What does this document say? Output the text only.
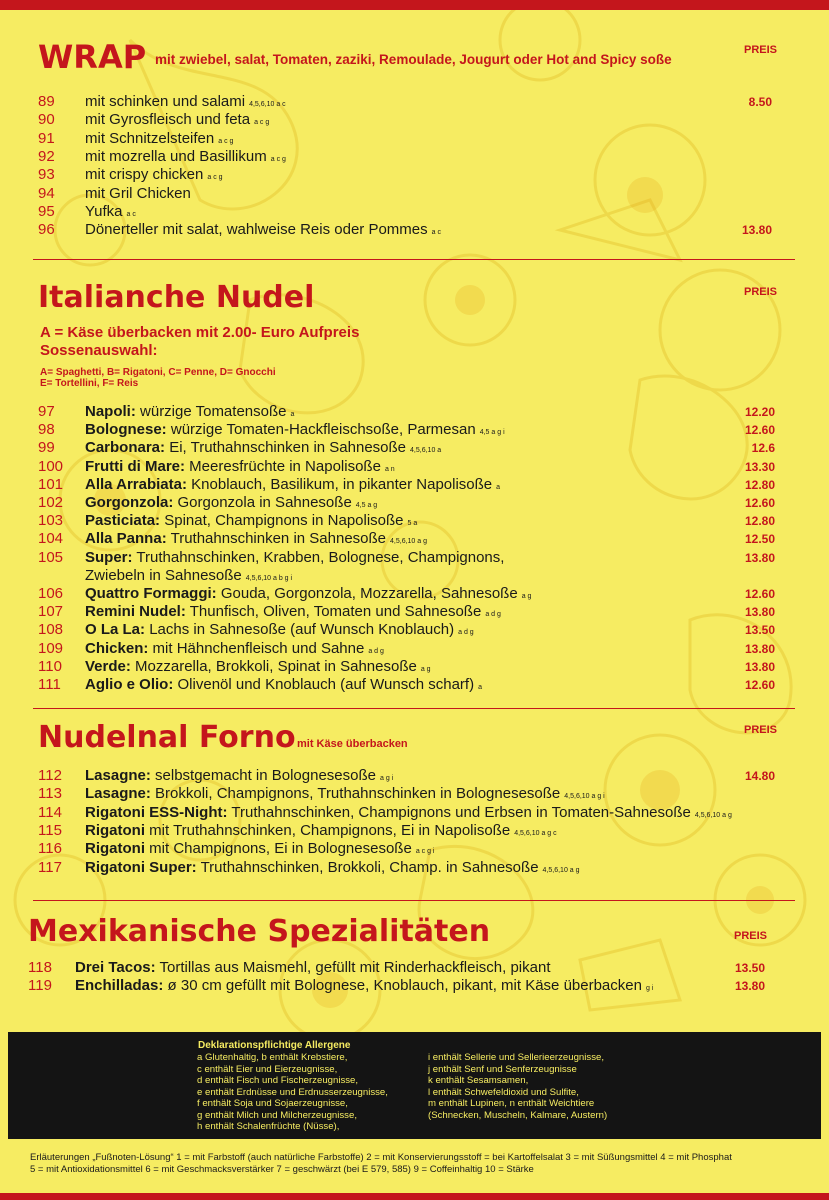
WRAP mit zwiebel, salat, Tomaten, zaziki, Remoulade, Jougurt oder Hot and Spicy soße
PREIS
89 mit schinken und salami 4,5,6,10 a c	8.50
90 mit Gyrosfleisch und feta a c g
91 mit Schnitzelsteifen a c g
92 mit mozrella und Basillikum a c g
93 mit crispy chicken a c g
94 mit Gril Chicken
95 Yufka a c
96 Dönerteller mit salat, wahlweise Reis oder Pommes a c	13.80
Italianche Nudel	PREIS
A = Käse überbacken mit 2.00- Euro Aufpreis
Sossenauswahl:
A= Spaghetti, B= Rigatoni, C= Penne, D= Gnocchi
E= Tortellini, F= Reis
97 Napoli: würzige Tomatensoße a	12.20
98 Bolognese: würzige Tomaten-Hackfleischsoße, Parmesan 4,5 a g i	12.60
99 Carbonara: Ei, Truthahnschinken in Sahnesoße 4,5,6,10 a	12.6
100 Frutti di Mare: Meeresfrüchte in Napolisoße a n	13.30
101 Alla Arrabiata: Knoblauch, Basilikum, in pikanter Napolisoße a	12.80
102 Gorgonzola: Gorgonzola in Sahnesoße 4,5 a g	12.60
103 Pasticiata: Spinat, Champignons in Napolisoße 5 a	12.80
104 Alla Panna: Truthahnschinken in Sahnesoße 4,5,6,10 a g	12.50
105 Super: Truthahnschinken, Krabben, Bolognese, Champignons,	13.80
Zwiebeln in Sahnesoße 4,5,6,10 a b g i
106 Quattro Formaggi: Gouda, Gorgonzola, Mozzarella, Sahnesoße a g	12.60
107 Remini Nudel: Thunfisch, Oliven, Tomaten und Sahnesoße a d g	13.80
108 O La La: Lachs in Sahnesoße (auf Wunsch Knoblauch) a d g	13.50
109 Chicken: mit Hähnchenfleisch und Sahne a d g	13.80
110 Verde: Mozzarella, Brokkoli, Spinat in Sahnesoße a g	13.80
111 Aglio e Olio: Olivenöl und Knoblauch (auf Wunsch scharf) a	12.60
Nudelnal Forno mit Käse überbacken
PREIS
112 Lasagne: selbstgemacht in Bolognesesoße a g i	14.80
113 Lasagne: Brokkoli, Champignons, Truthahnschinken in Bolognesesoße 4,5,6,10 a g i
114 Rigatoni ESS-Night: Truthahnschinken, Champignons und Erbsen in Tomaten-Sahnesoße 4,5,6,10 a g
115 Rigatoni mit Truthahnschinken, Champignons, Ei in Napolisoße 4,5,6,10 a g c
116 Rigatoni mit Champignons, Ei in Bolognesesoße a c g i
117 Rigatoni Super: Truthahnschinken, Brokkoli, Champ. in Sahnesoße 4,5,6,10 a g
Mexikanische Spezialitäten	PREIS
118 Drei Tacos: Tortillas aus Maismehl, gefüllt mit Rinderhackfleisch, pikant	13.50
119 Enchilladas: ø 30 cm gefüllt mit Bolognese, Knoblauch, pikant, mit Käse überbacken g i	13.80
Deklarationspflichtige Allergene
a Glutenhaltig, b enthält Krebstiere,
c enthält Eier und Eierzeugnisse,
d enthält Fisch und Fischerzeugnisse,
e enthält Erdnüsse und Erdnusserzeugnisse,
f enthält Soja und Sojaerzeugnisse,
g enthält Milch und Milcherzeugnisse,
h enthält Schalenfrüchte (Nüsse),
i enthält Sellerie und Sellerieerzeugnisse,
j enthält Senf und Senferzeugnisse
k enthält Sesamsamen,
l enthält Schwefeldioxid und Sulfite,
m enthält Lupinen, n enthält Weichtiere
(Schnecken, Muscheln, Kalmare, Austern)
Erläuterungen „Fußnoten-Lösung“ 1 = mit Farbstoff (auch natürliche Farbstoffe) 2 = mit Konservierungsstoff = bei Kartoffelsalat 3 = mit Süßungsmittel 4 = mit Phosphat
5 = mit Antioxidationsmittel 6 = mit Geschmacksverstärker 7 = geschwärzt (bei E 579, 585) 9 = Coffeinhaltig 10 = Stärke
